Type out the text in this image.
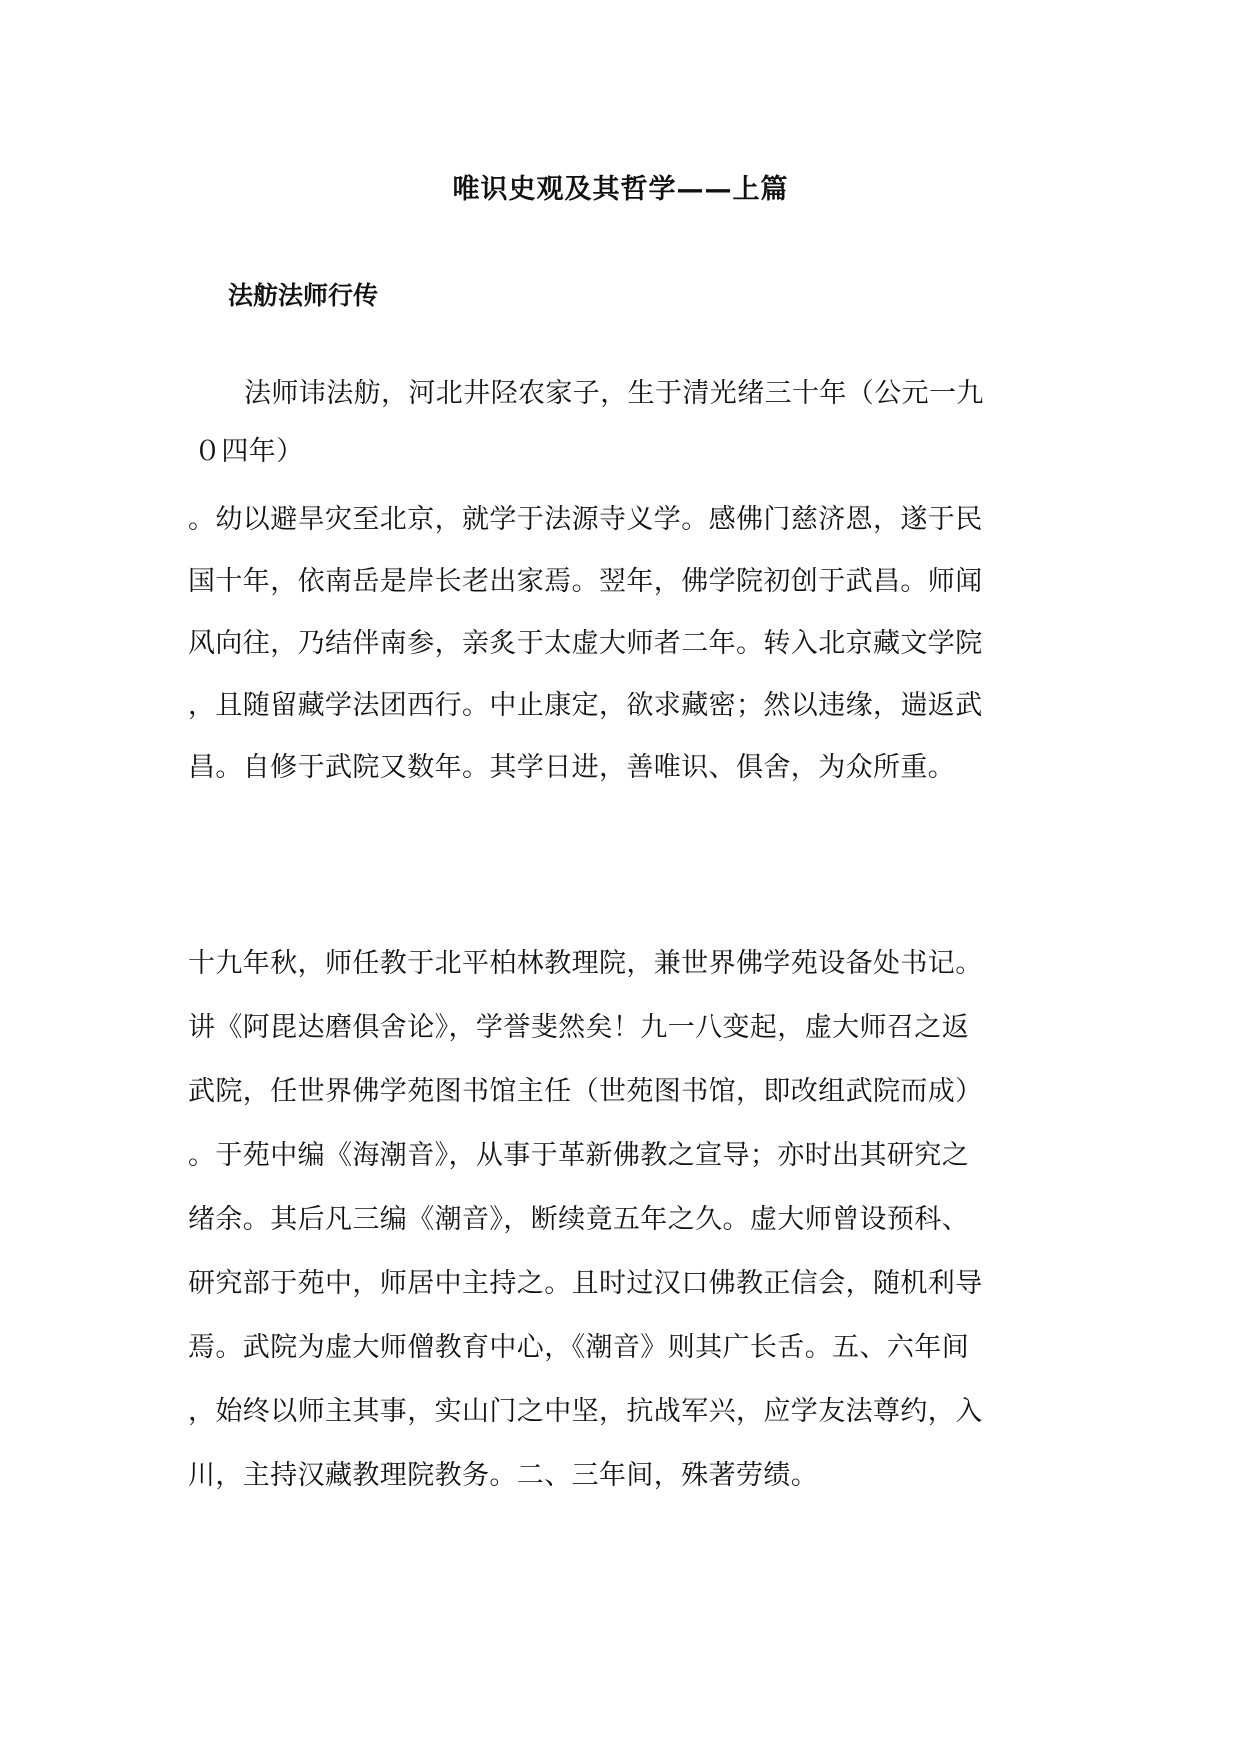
唯识史观及其哲学——上篇
法舫法师行传

法师讳法舫，河北井陉农家子，生于清光绪三十年（公元一九

０四年）

。幼以避旱灾至北京，就学于法源寺义学。感佛门慈济恩，遂于民

国十年，依南岳是岸长老出家焉。翌年，佛学院初创于武昌。师闻

风向往，乃结伴南参，亲炙于太虚大师者二年。转入北京藏文学院

，且随留藏学法团西行。中止康定，欲求藏密；然以违缘，遄返武

昌。自修于武院又数年。其学日进，善唯识、俱舍，为众所重。

十九年秋，师任教于北平柏林教理院，兼世界佛学苑设备处书记。

讲《阿毘达磨俱舍论》，学誉斐然矣！九一八变起，虚大师召之返

武院，任世界佛学苑图书馆主任（世苑图书馆，即改组武院而成）

。于苑中编《海潮音》，从事于革新佛教之宣导；亦时出其研究之

绪余。其后凡三编《潮音》，断续竟五年之久。虚大师曾设预科、

研究部于苑中，师居中主持之。且时过汉口佛教正信会，随机利导

焉。武院为虚大师僧教育中心，《潮音》则其广长舌。五、六年间

，始终以师主其事，实山门之中坚，抗战军兴，应学友法尊约，入

川，主持汉藏教理院教务。二、三年间，殊著劳绩。
